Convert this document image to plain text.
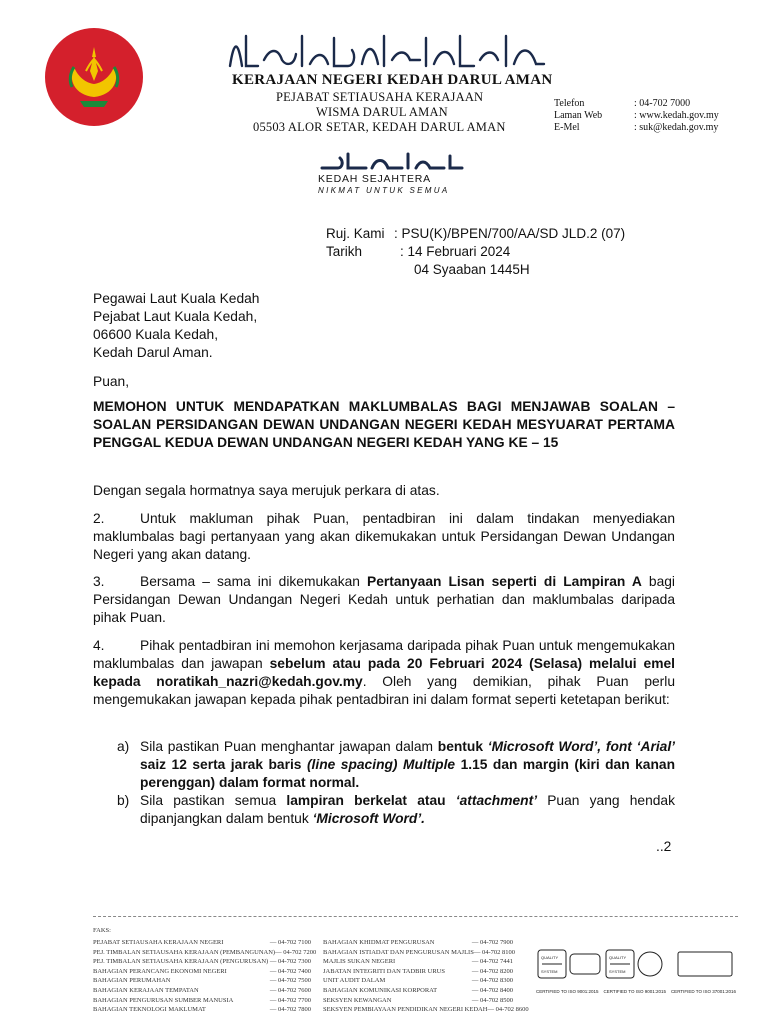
KERAJAAN NEGERI KEDAH DARUL AMAN
PEJABAT SETIAUSAHA KERAJAAN
WISMA DARUL AMAN
05503 ALOR SETAR, KEDAH DARUL AMAN
Telefon	: 04-702 7000
Laman Web	: www.kedah.gov.my
E-Mel	: suk@kedah.gov.my
KEDAH SEJAHTERA
NIKMAT UNTUK SEMUA
Ruj. Kami : PSU(K)/BPEN/700/AA/SD JLD.2 (07)
Tarikh	: 14 Februari 2024
04 Syaaban 1445H
Pegawai Laut Kuala Kedah
Pejabat Laut Kuala Kedah,
06600 Kuala Kedah,
Kedah Darul Aman.
Puan,
MEMOHON UNTUK MENDAPATKAN MAKLUMBALAS BAGI MENJAWAB SOALAN – SOALAN PERSIDANGAN DEWAN UNDANGAN NEGERI KEDAH MESYUARAT PERTAMA PENGGAL KEDUA DEWAN UNDANGAN NEGERI KEDAH YANG KE – 15
Dengan segala hormatnya saya merujuk perkara di atas.

2.	Untuk makluman pihak Puan, pentadbiran ini dalam tindakan menyediakan maklumbalas bagi pertanyaan yang akan dikemukakan untuk Persidangan Dewan Undangan Negeri yang akan datang.

3.	Bersama – sama ini dikemukakan Pertanyaan Lisan seperti di Lampiran A bagi Persidangan Dewan Undangan Negeri Kedah untuk perhatian dan maklumbalas daripada pihak Puan.

4.	Pihak pentadbiran ini memohon kerjasama daripada pihak Puan untuk mengemukakan maklumbalas dan jawapan sebelum atau pada 20 Februari 2024 (Selasa) melalui emel kepada noratikah_nazri@kedah.gov.my. Oleh yang demikian, pihak Puan perlu mengemukakan jawapan kepada pihak pentadbiran ini dalam format seperti ketetapan berikut:

a) Sila pastikan Puan menghantar jawapan dalam bentuk ‘Microsoft Word’, font ‘Arial’ saiz 12 serta jarak baris (line spacing) Multiple 1.15 dan margin (kiri dan kanan perenggan) dalam format normal.
b) Sila pastikan semua lampiran berkelat atau ‘attachment’ Puan yang hendak dipanjangkan dalam bentuk ‘Microsoft Word’.
..2
FAKS:
PEJABAT SETIAUSAHA KERAJAAN NEGERI	— 04-702 7100
PEJ. TIMBALAN SETIAUSAHA KERAJAAN (PEMBANGUNAN) — 04-702 7200
PEJ. TIMBALAN SETIAUSAHA KERAJAAN (PENGURUSAN) — 04-702 7300
BAHAGIAN PERANCANG EKONOMI NEGERI	— 04-702 7400
BAHAGIAN PERUMAHAN	— 04-702 7500
BAHAGIAN KERAJAAN TEMPATAN	— 04-702 7600
BAHAGIAN PENGURUSAN SUMBER MANUSIA	— 04-702 7700
BAHAGIAN TEKNOLOGI MAKLUMAT	— 04-702 7800
BAHAGIAN KHIDMAT PENGURUSAN	— 04-702 7900
BAHAGIAN ISTIADAT DAN PENGURUSAN MAJLIS — 04-702 8100
MAJLIS SUKAN NEGERI	— 04-702 7441
JABATAN INTEGRITI DAN TADBIR URUS	— 04-702 8200
UNIT AUDIT DALAM	— 04-702 8300
BAHAGIAN KOMUNIKASI KORPORAT	— 04-702 8400
SEKSYEN KEWANGAN	— 04-702 8500
SEKSYEN PEMBIAYAAN PENDIDIKAN NEGERI KEDAH — 04-702 8600
QUALITY
SYSTEM
QUALITY
SYSTEM
CERTIFIED TO ISO 9001:2015 CERTIFIED TO ISO 9001:2015 CERTIFIED TO ISO 37001:2016
